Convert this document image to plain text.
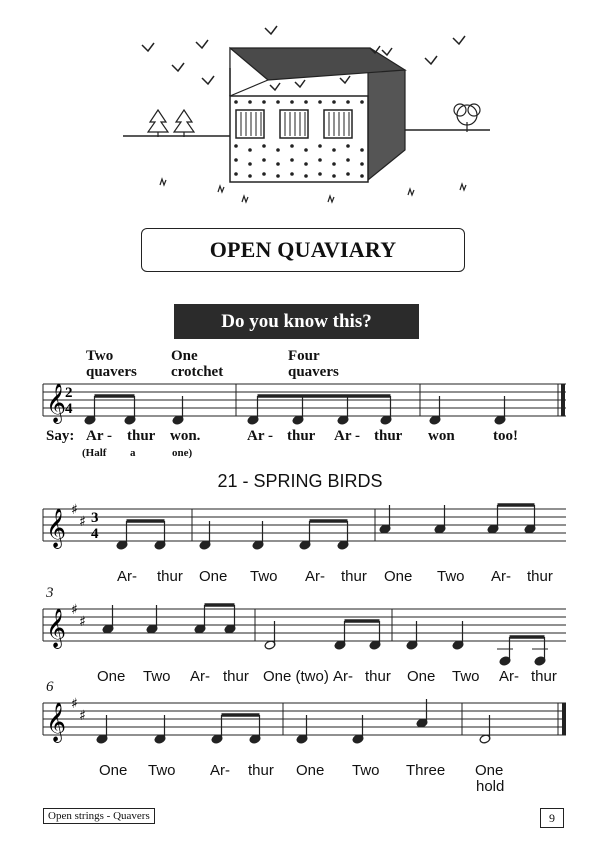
OPEN QUAVIARY
Do you know this?
Two
quavers
One
crotchet
Four
quavers
𝄞
2
4
Say: Ar - thur won.	Ar - thur Ar - thur won	too!
(Half a	one)
21 - SPRING BIRDS
𝄞 ♯
♯ 3
4
Ar- thur One Two Ar- thur One Two Ar- thur
3
𝄞 ♯
♯
One Two Ar- thur One (two) Ar- thur One Two Ar- thur
6
𝄞 ♯
♯
One Two Ar- thur One Two Three One
hold
Open strings - Quavers	9
